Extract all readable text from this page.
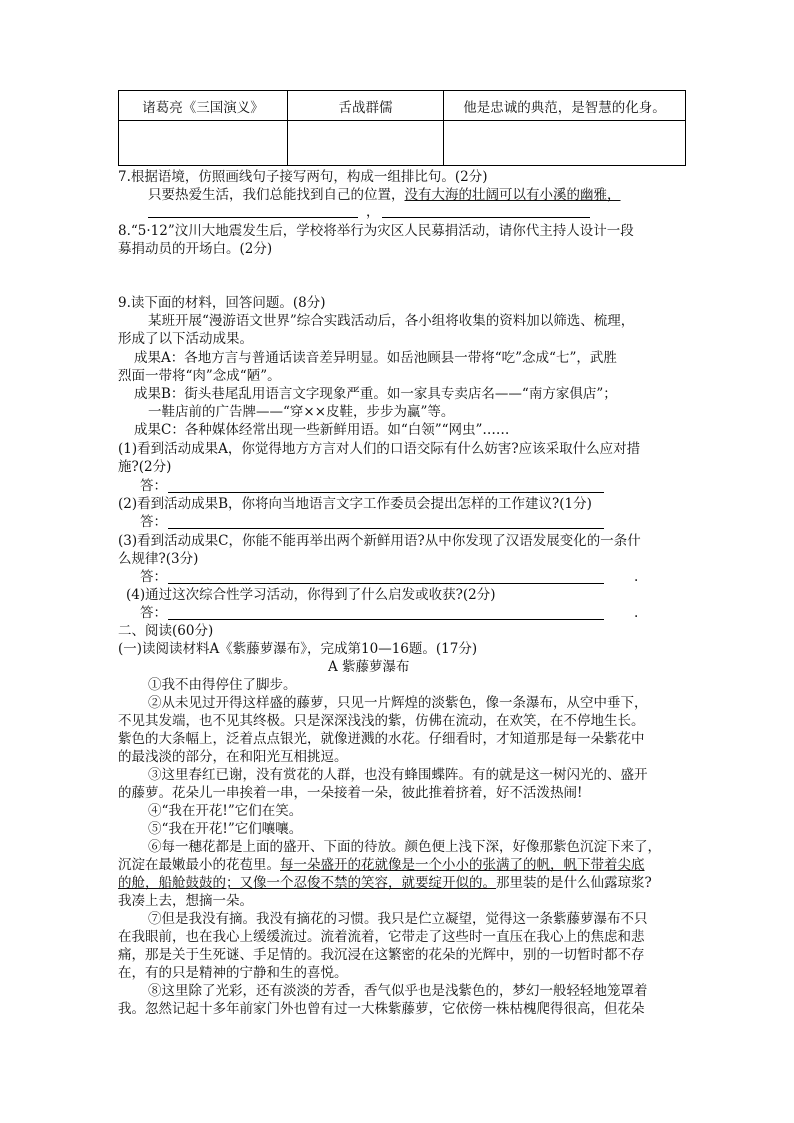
诸葛亮《三国演义》	舌战群儒	他是忠诚的典范，是智慧的化身。

7.根据语境，仿照画线句子接写两句，构成一组排比句。(2分)
只要热爱生活，我们总能找到自己的位置，没有大海的壮阔可以有小溪的幽雅，
，
8.“5·12”汶川大地震发生后，学校将举行为灾区人民募捐活动，请你代主持人设计一段
募捐动员的开场白。(2分)
9.读下面的材料，回答问题。(8分)
某班开展“漫游语文世界”综合实践活动后，各小组将收集的资料加以筛选、梳理，
形成了以下活动成果。
成果A：各地方言与普通话读音差异明显。如岳池顾县一带将“吃”念成“七”，武胜
烈面一带将“肉”念成“陋”。
成果B：街头巷尾乱用语言文字现象严重。如一家具专卖店名——“南方家俱店”；
一鞋店前的广告牌——“穿××皮鞋，步步为赢”等。
成果C：各种媒体经常出现一些新鲜用语。如“白领”“网虫”……
(1)看到活动成果A，你觉得地方方言对人们的口语交际有什么妨害?应该采取什么应对措
施?(2分)
答：
(2)看到活动成果B，你将向当地语言文字工作委员会提出怎样的工作建议?(1分)
答：
(3)看到活动成果C，你能不能再举出两个新鲜用语?从中你发现了汉语发展变化的一条什
么规律?(3分)
答：	.
(4)通过这次综合性学习活动，你得到了什么启发或收获?(2分)
答：	.
二、阅读(60分)
(一)读阅读材料A《紫藤萝瀑布》，完成第10—16题。(17分)
A 紫藤萝瀑布
①我不由得停住了脚步。
②从未见过开得这样盛的藤萝，只见一片辉煌的淡紫色，像一条瀑布，从空中垂下，
不见其发端，也不见其终极。只是深深浅浅的紫，仿佛在流动，在欢笑，在不停地生长。
紫色的大条幅上，泛着点点银光，就像迸溅的水花。仔细看时，才知道那是每一朵紫花中
的最浅淡的部分，在和阳光互相挑逗。
③这里春红已谢，没有赏花的人群，也没有蜂围蝶阵。有的就是这一树闪光的、盛开
的藤萝。花朵儿一串挨着一串，一朵接着一朵，彼此推着挤着，好不活泼热闹!
④“我在开花!”它们在笑。
⑤“我在开花!”它们嚷嚷。
⑥每一穗花都是上面的盛开、下面的待放。颜色便上浅下深，好像那紫色沉淀下来了，
沉淀在最嫩最小的花苞里。每一朵盛开的花就像是一个小小的张满了的帆，帆下带着尖底
的舱，船舱鼓鼓的；又像一个忍俊不禁的笑容，就要绽开似的。那里装的是什么仙露琼浆?
我凑上去，想摘一朵。
⑦但是我没有摘。我没有摘花的习惯。我只是伫立凝望，觉得这一条紫藤萝瀑布不只
在我眼前，也在我心上缓缓流过。流着流着，它带走了这些时一直压在我心上的焦虑和悲
痛，那是关于生死谜、手足情的。我沉浸在这繁密的花朵的光辉中，别的一切暂时都不存
在，有的只是精神的宁静和生的喜悦。
⑧这里除了光彩，还有淡淡的芳香，香气似乎也是浅紫色的，梦幻一般轻轻地笼罩着
我。忽然记起十多年前家门外也曾有过一大株紫藤萝，它依傍一株枯槐爬得很高，但花朵
